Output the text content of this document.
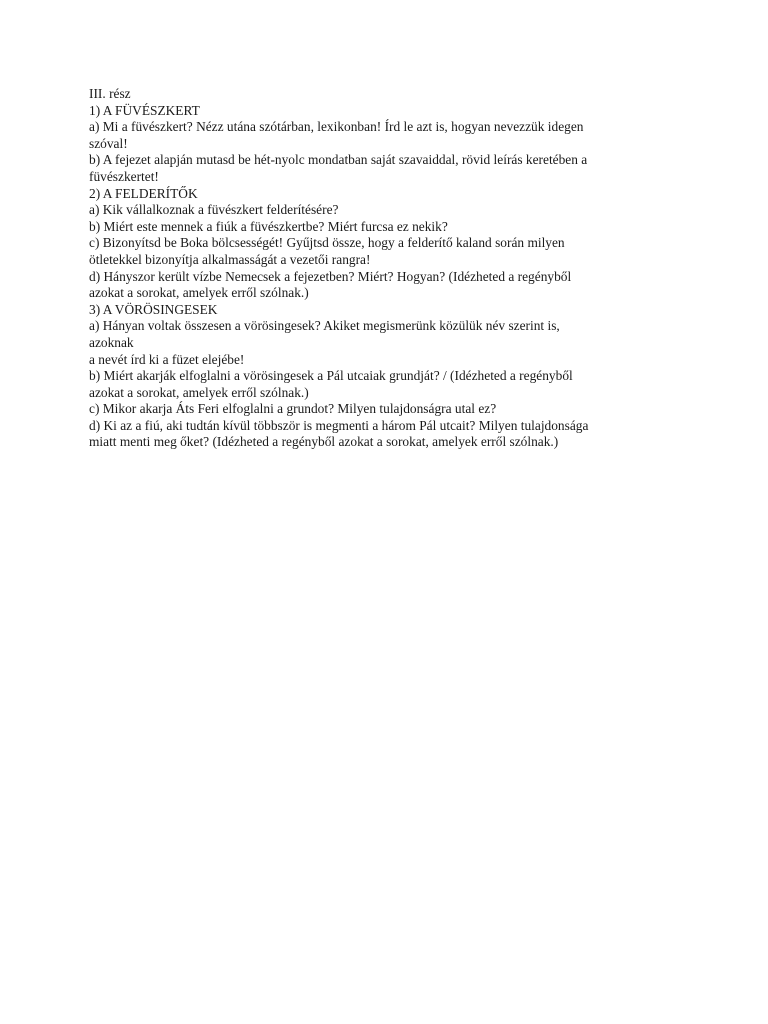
III. rész
1) A FÜVÉSZKERT
a) Mi a füvészkert? Nézz utána szótárban, lexikonban! Írd le azt is, hogyan nevezzük idegen
szóval!
b) A fejezet alapján mutasd be hét-nyolc mondatban saját szavaiddal, rövid leírás keretében a
füvészkertet!
2) A FELDERÍTŐK
a) Kik vállalkoznak a füvészkert felderítésére?
b) Miért este mennek a fiúk a füvészkertbe? Miért furcsa ez nekik?
c) Bizonyítsd be Boka bölcsességét! Gyűjtsd össze, hogy a felderítő kaland során milyen
ötletekkel bizonyítja alkalmasságát a vezetői rangra!
d) Hányszor került vízbe Nemecsek a fejezetben? Miért? Hogyan? (Idézheted a regényből
azokat a sorokat, amelyek erről szólnak.)
3) A VÖRÖSINGESEK
a) Hányan voltak összesen a vörösingesek? Akiket megismerünk közülük név szerint is,
azoknak
a nevét írd ki a füzet elejébe!
b) Miért akarják elfoglalni a vörösingesek a Pál utcaiak grundját? / (Idézheted a regényből
azokat a sorokat, amelyek erről szólnak.)
c) Mikor akarja Áts Feri elfoglalni a grundot? Milyen tulajdonságra utal ez?
d) Ki az a fiú, aki tudtán kívül többször is megmenti a három Pál utcait? Milyen tulajdonsága
miatt menti meg őket? (Idézheted a regényből azokat a sorokat, amelyek erről szólnak.)
